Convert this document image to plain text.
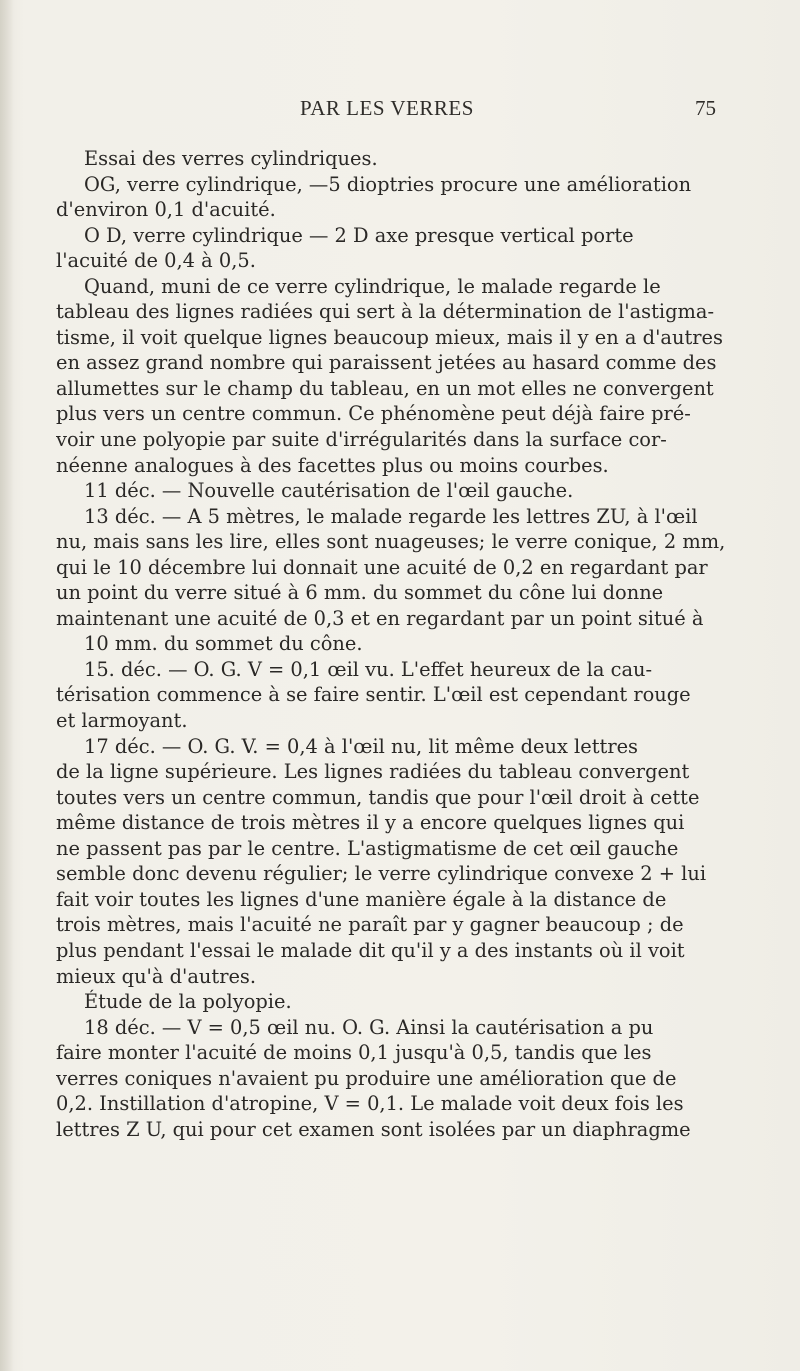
PAR LES VERRES	75
Essai des verres cylindriques.
OG, verre cylindrique, —5 dioptries procure une amélioration
d'environ 0,1 d'acuité.
O D, verre cylindrique — 2 D axe presque vertical porte
l'acuité de 0,4 à 0,5.
Quand, muni de ce verre cylindrique, le malade regarde le
tableau des lignes radiées qui sert à la détermination de l'astigma-
tisme, il voit quelque lignes beaucoup mieux, mais il y en a d'autres
en assez grand nombre qui paraissent jetées au hasard comme des
allumettes sur le champ du tableau, en un mot elles ne convergent
plus vers un centre commun. Ce phénomène peut déjà faire pré-
voir une polyopie par suite d'irrégularités dans la surface cor-
néenne analogues à des facettes plus ou moins courbes.
11 déc. — Nouvelle cautérisation de l'œil gauche.
13 déc. — A 5 mètres, le malade regarde les lettres ZU, à l'œil
nu, mais sans les lire, elles sont nuageuses; le verre conique, 2 mm,
qui le 10 décembre lui donnait une acuité de 0,2 en regardant par
un point du verre situé à 6 mm. du sommet du cône lui donne
maintenant une acuité de 0,3 et en regardant par un point situé à
10 mm. du sommet du cône.
15. déc. — O. G. V = 0,1 œil vu. L'effet heureux de la cau-
térisation commence à se faire sentir. L'œil est cependant rouge
et larmoyant.
17 déc. — O. G. V. = 0,4 à l'œil nu, lit même deux lettres
de la ligne supérieure. Les lignes radiées du tableau convergent
toutes vers un centre commun, tandis que pour l'œil droit à cette
même distance de trois mètres il y a encore quelques lignes qui
ne passent pas par le centre. L'astigmatisme de cet œil gauche
semble donc devenu régulier; le verre cylindrique convexe 2 + lui
fait voir toutes les lignes d'une manière égale à la distance de
trois mètres, mais l'acuité ne paraît par y gagner beaucoup ; de
plus pendant l'essai le malade dit qu'il y a des instants où il voit
mieux qu'à d'autres.
Étude de la polyopie.
18 déc. — V = 0,5 œil nu. O. G. Ainsi la cautérisation a pu
faire monter l'acuité de moins 0,1 jusqu'à 0,5, tandis que les
verres coniques n'avaient pu produire une amélioration que de
0,2. Instillation d'atropine, V = 0,1. Le malade voit deux fois les
lettres Z U, qui pour cet examen sont isolées par un diaphragme
